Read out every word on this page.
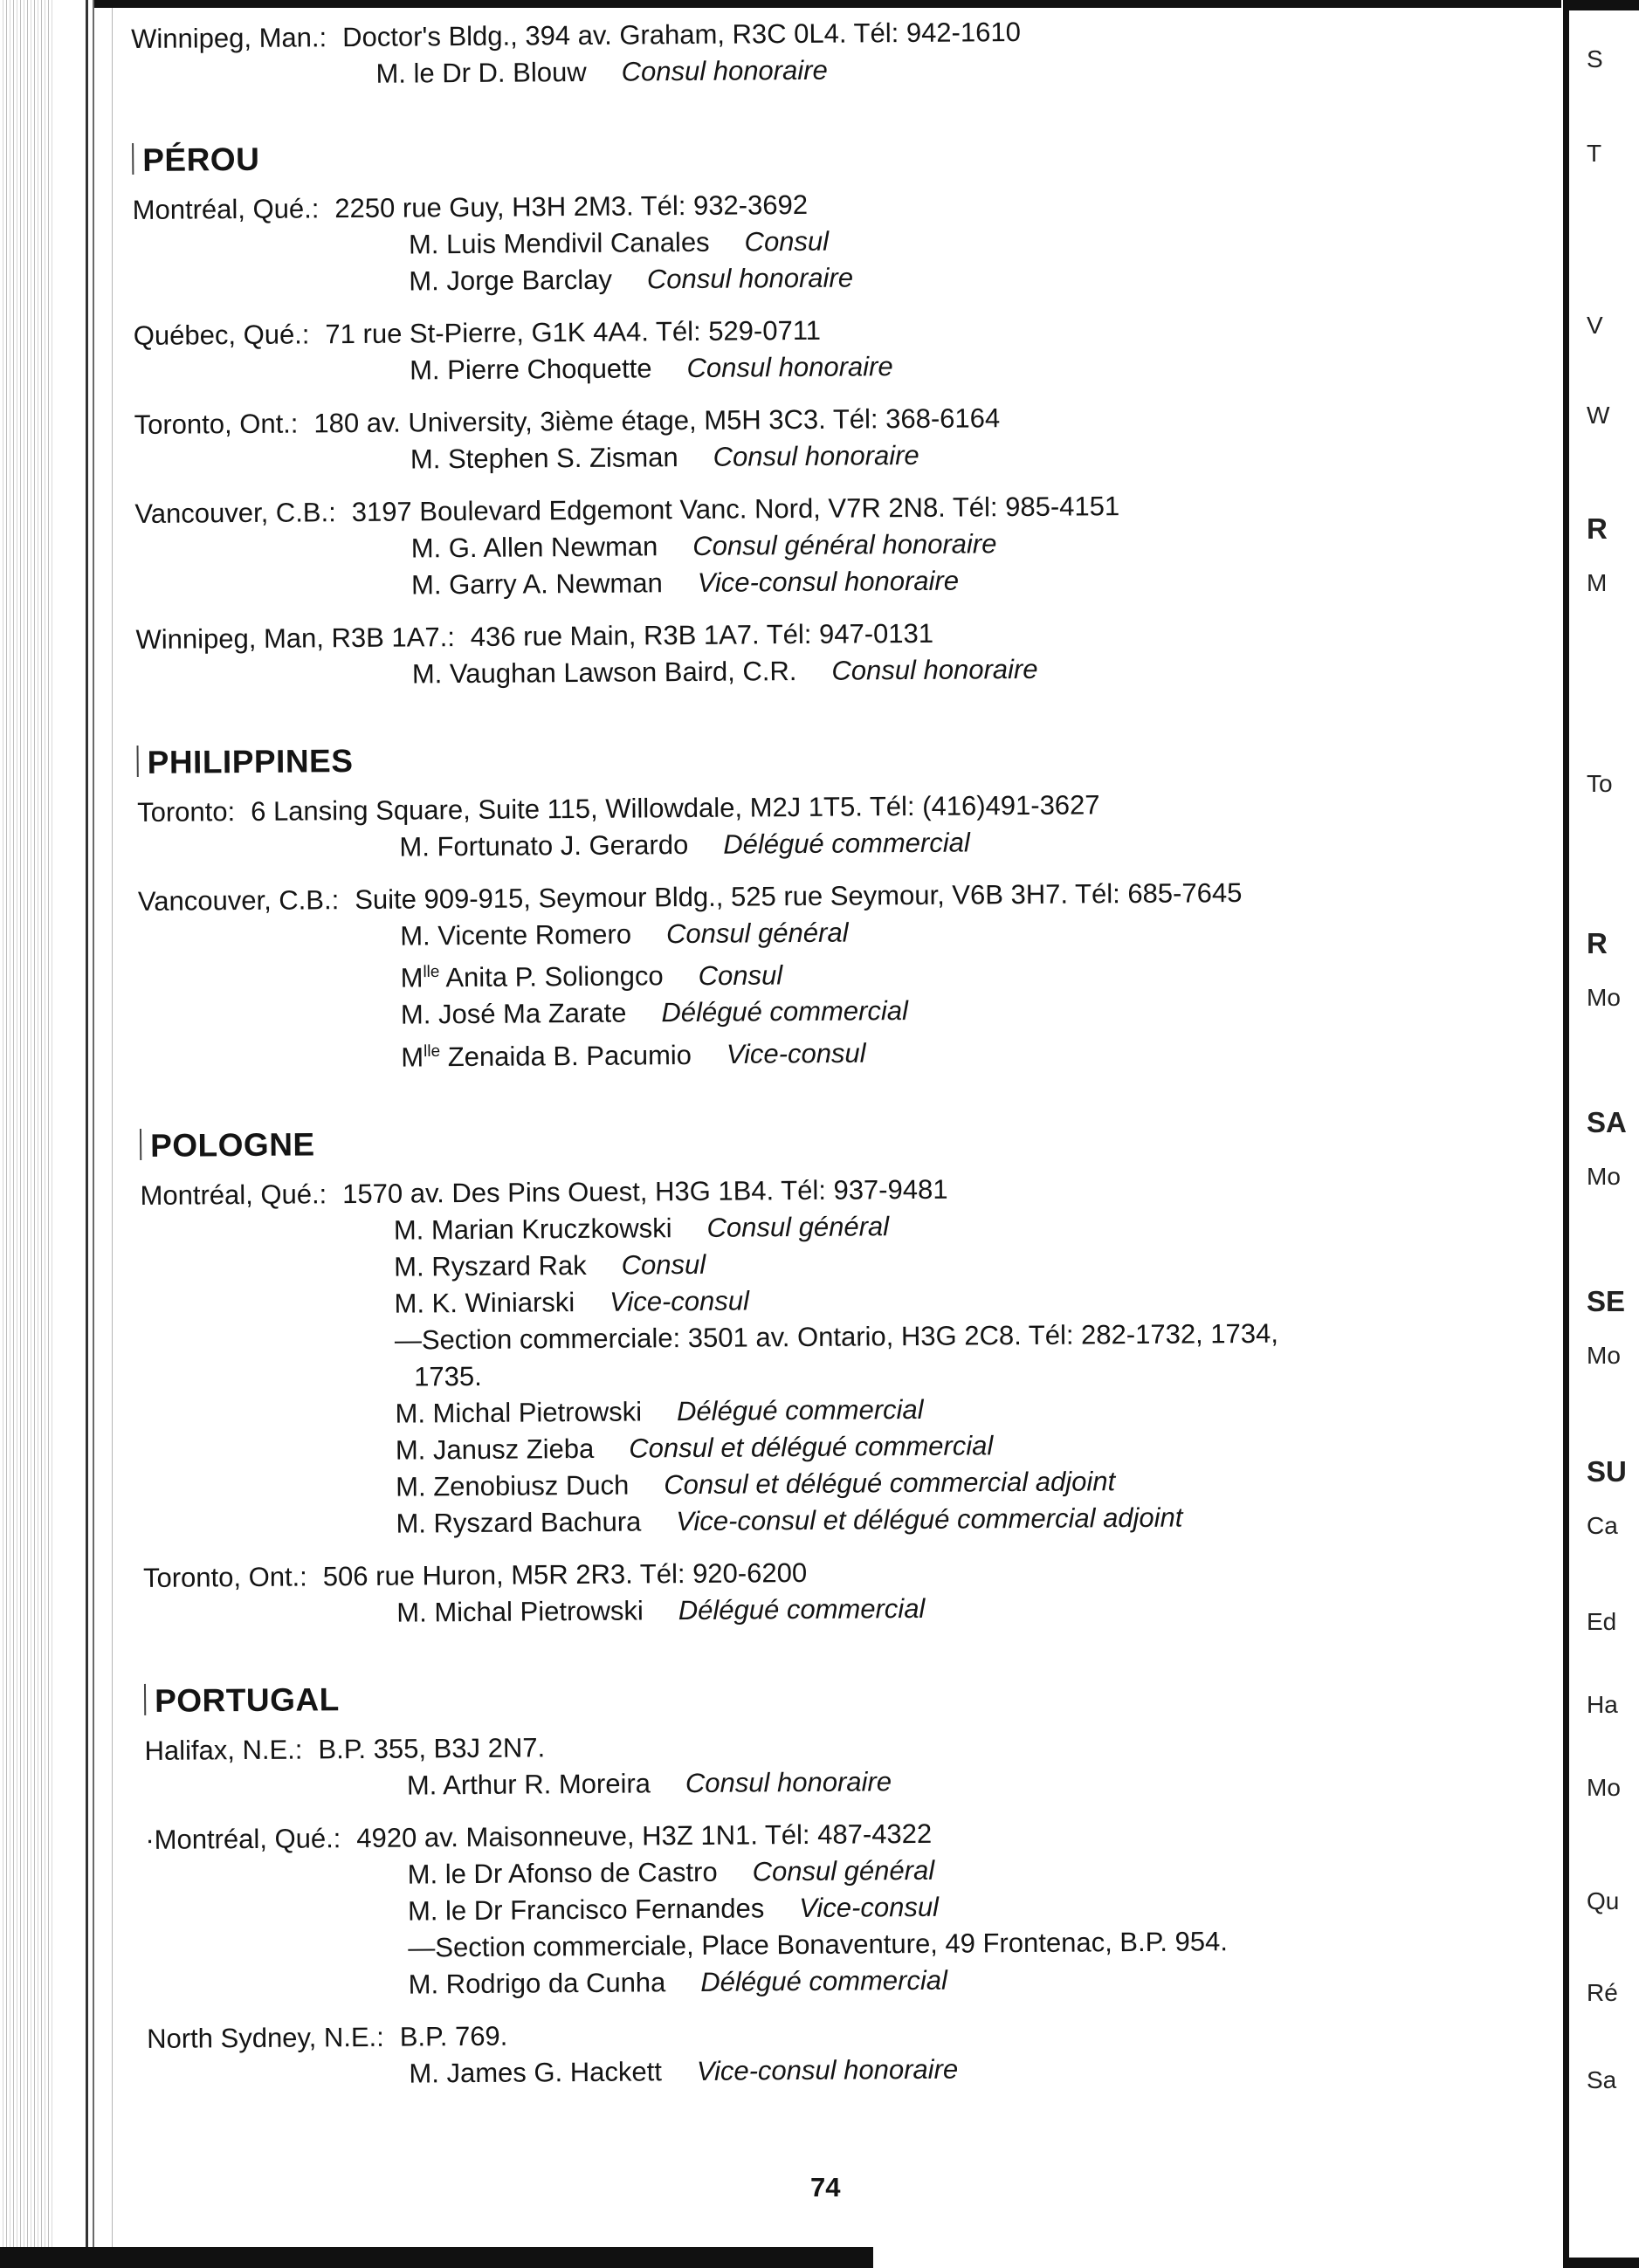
S
T
V
W
R
M
To
R
Mo
SA
Mo
SE
Mo
SU
Ca
Ed
Ha
Mo
Qu
Ré
Sa
Winnipeg, Man.: Doctor's Bldg., 394 av. Graham, R3C 0L4. Tél: 942-1610
M. le Dr D. Blouw Consul honoraire
PÉROU
Montréal, Qué.: 2250 rue Guy, H3H 2M3. Tél: 932-3692
M. Luis Mendivil Canales Consul
M. Jorge Barclay Consul honoraire
Québec, Qué.: 71 rue St-Pierre, G1K 4A4. Tél: 529-0711
M. Pierre Choquette Consul honoraire
Toronto, Ont.: 180 av. University, 3ième étage, M5H 3C3. Tél: 368-6164
M. Stephen S. Zisman Consul honoraire
Vancouver, C.B.: 3197 Boulevard Edgemont Vanc. Nord, V7R 2N8. Tél: 985-4151
M. G. Allen Newman Consul général honoraire
M. Garry A. Newman Vice-consul honoraire
Winnipeg, Man, R3B 1A7.: 436 rue Main, R3B 1A7. Tél: 947-0131
M. Vaughan Lawson Baird, C.R. Consul honoraire
PHILIPPINES
Toronto: 6 Lansing Square, Suite 115, Willowdale, M2J 1T5. Tél: (416)491-3627
M. Fortunato J. Gerardo Délégué commercial
Vancouver, C.B.: Suite 909-915, Seymour Bldg., 525 rue Seymour, V6B 3H7. Tél: 685-7645
M. Vicente Romero Consul général
$M^{lle}$ Anita P. Soliongco Consul
M. José Ma Zarate Délégué commercial
$M^{lle}$ Zenaida B. Pacumio Vice-consul
POLOGNE
Montréal, Qué.: 1570 av. Des Pins Ouest, H3G 1B4. Tél: 937-9481
M. Marian Kruczkowski Consul général
M. Ryszard Rak Consul
M. K. Winiarski Vice-consul
—Section commerciale: 3501 av. Ontario, H3G 2C8. Tél: 282-1732, 1734,
1735.
M. Michal Pietrowski Délégué commercial
M. Janusz Zieba Consul et délégué commercial
M. Zenobiusz Duch Consul et délégué commercial adjoint
M. Ryszard Bachura Vice-consul et délégué commercial adjoint
Toronto, Ont.: 506 rue Huron, M5R 2R3. Tél: 920-6200
M. Michal Pietrowski Délégué commercial
PORTUGAL
Halifax, N.E.: B.P. 355, B3J 2N7.
M. Arthur R. Moreira Consul honoraire
·Montréal, Qué.: 4920 av. Maisonneuve, H3Z 1N1. Tél: 487-4322
M. le Dr Afonso de Castro Consul général
M. le Dr Francisco Fernandes Vice-consul
—Section commerciale, Place Bonaventure, 49 Frontenac, B.P. 954.
M. Rodrigo da Cunha Délégué commercial
North Sydney, N.E.: B.P. 769.
M. James G. Hackett Vice-consul honoraire
74
